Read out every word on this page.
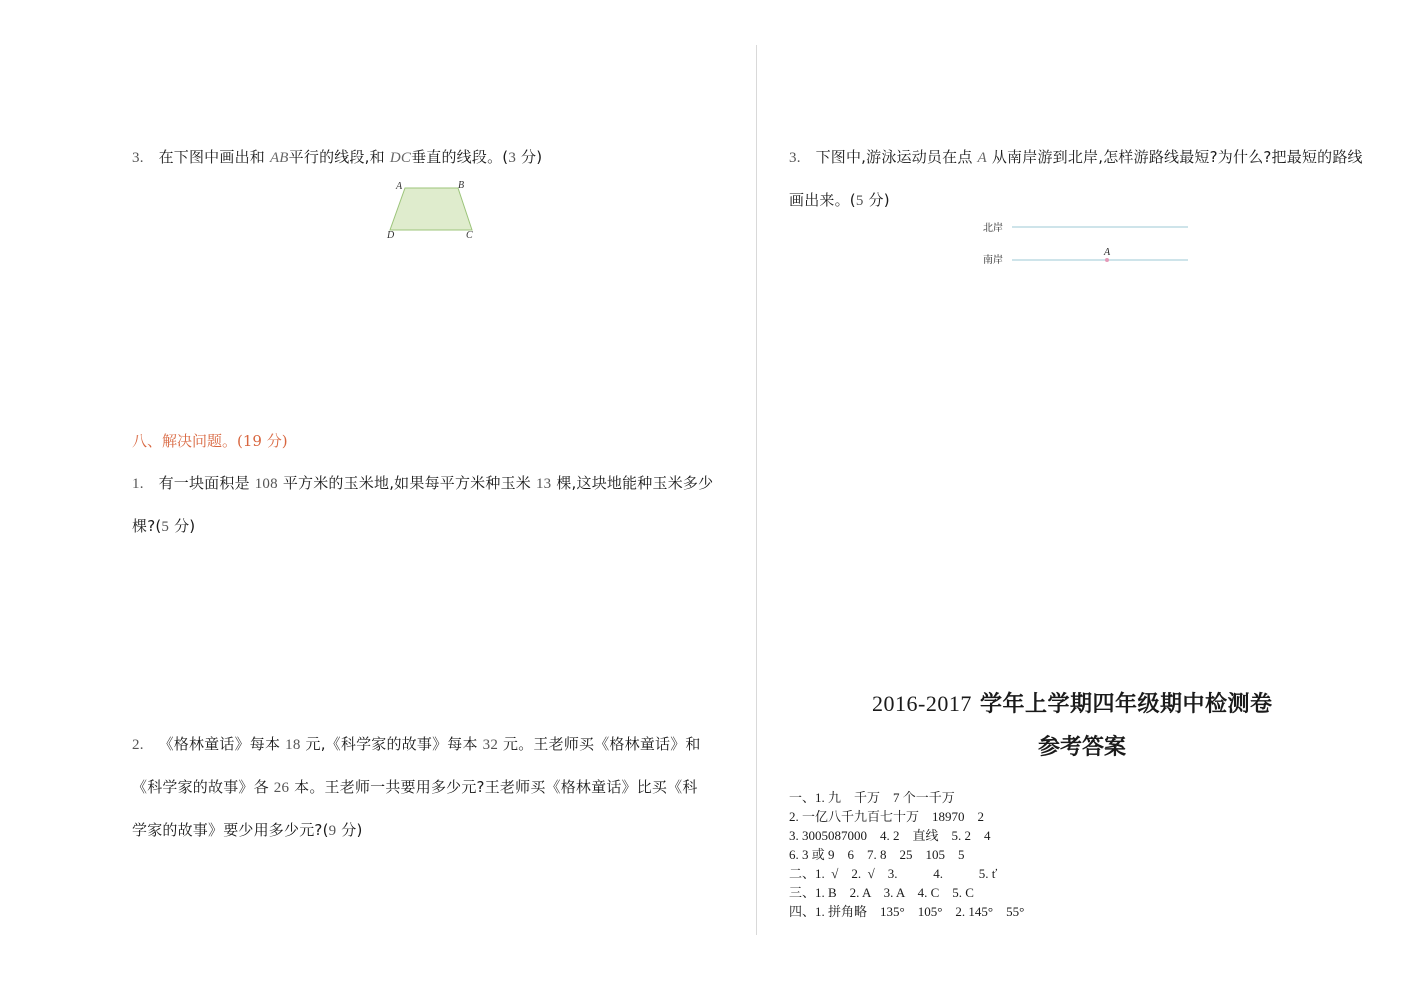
3. 在下图中画出和 AB平行的线段,和 DC垂直的线段。(3 分)
A	B
C
D
八、解决问题。(19 分)
1. 有一块面积是 108 平方米的玉米地,如果每平方米种玉米 13 棵,这块地能种玉米多少
棵?(5 分)
2. 《格林童话》每本 18 元,《科学家的故事》每本 32 元。王老师买《格林童话》和
《科学家的故事》各 26 本。王老师一共要用多少元?王老师买《格林童话》比买《科
学家的故事》要少用多少元?(9 分)
3. 下图中,游泳运动员在点 A 从南岸游到北岸,怎样游路线最短?为什么?把最短的路线
画出来。(5 分)
北岸
南岸
A
2016-2017 学年上学期四年级期中检测卷
参考答案
一、1. 九    千万    7 个一千万
2. 一亿八千九百七十万    18970    2
3. 3005087000    4. 2    直线    5. 2    4
6. 3 或 9    6    7. 8    25    105    5
二、1.  √    2.  √    3.           4.           5. ť
三、1. B    2. A    3. A    4. C    5. C
四、1. 拼角略    135°    105°    2. 145°    55°
